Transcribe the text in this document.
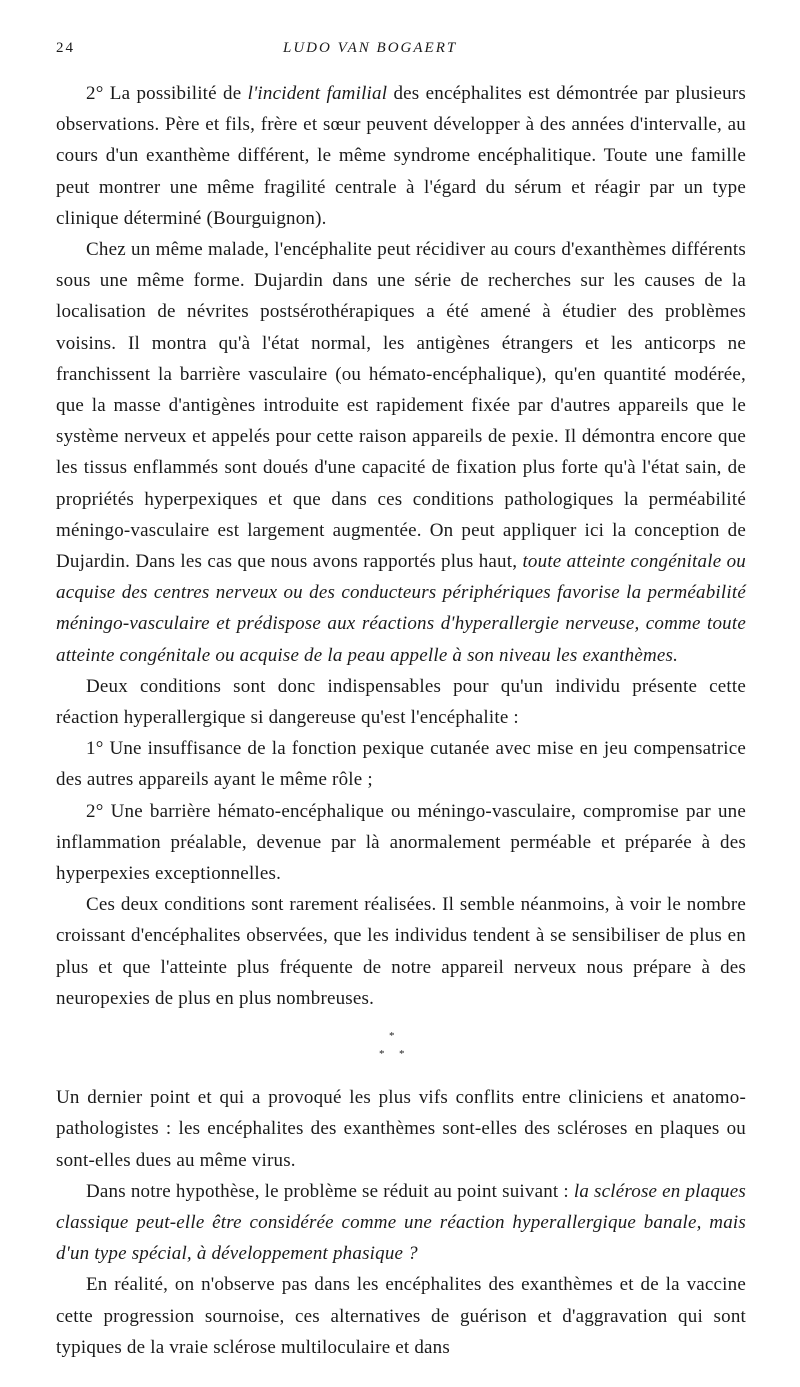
24	LUDO VAN BOGAERT

2° La possibilité de l'incident familial des encéphalites est démontrée par plusieurs observations. Père et fils, frère et sœur peuvent développer à des années d'intervalle, au cours d'un exanthème différent, le même syndrome encéphalitique. Toute une famille peut montrer une même fragilité centrale à l'égard du sérum et réagir par un type clinique déterminé (Bourguignon).

Chez un même malade, l'encéphalite peut récidiver au cours d'exanthèmes différents sous une même forme. Dujardin dans une série de recherches sur les causes de la localisation de névrites postsérothérapiques a été amené à étudier des problèmes voisins. Il montra qu'à l'état normal, les antigènes étrangers et les anticorps ne franchissent la barrière vasculaire (ou hémato-encéphalique), qu'en quantité modérée, que la masse d'antigènes introduite est rapidement fixée par d'autres appareils que le système nerveux et appelés pour cette raison appareils de pexie. Il démontra encore que les tissus enflammés sont doués d'une capacité de fixation plus forte qu'à l'état sain, de propriétés hyperpexiques et que dans ces conditions pathologiques la perméabilité méningo-vasculaire est largement augmentée. On peut appliquer ici la conception de Dujardin. Dans les cas que nous avons rapportés plus haut, toute atteinte congénitale ou acquise des centres nerveux ou des conducteurs périphériques favorise la perméabilité méningo-vasculaire et prédispose aux réactions d'hyperallergie nerveuse, comme toute atteinte congénitale ou acquise de la peau appelle à son niveau les exanthèmes.

Deux conditions sont donc indispensables pour qu'un individu présente cette réaction hyperallergique si dangereuse qu'est l'encéphalite :

1° Une insuffisance de la fonction pexique cutanée avec mise en jeu compensatrice des autres appareils ayant le même rôle ;

2° Une barrière hémato-encéphalique ou méningo-vasculaire, compromise par une inflammation préalable, devenue par là anormalement perméable et préparée à des hyperpexies exceptionnelles.

Ces deux conditions sont rarement réalisées. Il semble néanmoins, à voir le nombre croissant d'encéphalites observées, que les individus tendent à se sensibiliser de plus en plus et que l'atteinte plus fréquente de notre appareil nerveux nous prépare à des neuropexies de plus en plus nombreuses.

*
* *

Un dernier point et qui a provoqué les plus vifs conflits entre cliniciens et anatomo-pathologistes : les encéphalites des exanthèmes sont-elles des scléroses en plaques ou sont-elles dues au même virus.

Dans notre hypothèse, le problème se réduit au point suivant : la sclérose en plaques classique peut-elle être considérée comme une réaction hyperallergique banale, mais d'un type spécial, à développement phasique ?

En réalité, on n'observe pas dans les encéphalites des exanthèmes et de la vaccine cette progression sournoise, ces alternatives de guérison et d'aggravation qui sont typiques de la vraie sclérose multiloculaire et dans
